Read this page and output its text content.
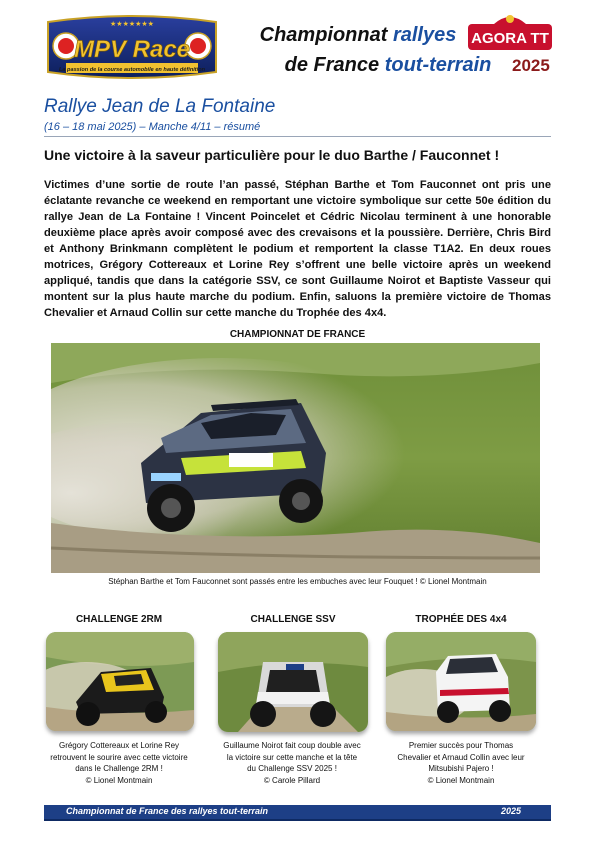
★★★★★★★
MPV Race
La passion de la course automobile en haute définition
Championnat rallyes
de France tout-terrain
AGORA TT
2025
Rallye Jean de La Fontaine
(16 – 18 mai 2025) – Manche 4/11 – résumé
Une victoire à la saveur particulière pour le duo Barthe / Fauconnet !
Victimes d’une sortie de route l’an passé, Stéphan Barthe et Tom Fauconnet ont pris une éclatante revanche ce weekend en remportant une victoire symbolique sur cette 50e édition du rallye Jean de La Fontaine ! Vincent Poincelet et Cédric Nicolau terminent à une honorable deuxième place après avoir composé avec des crevaisons et la poussière. Derrière, Chris Bird et Anthony Brinkmann complètent le podium et remportent la classe T1A2. En deux roues motrices, Grégory Cottereaux et Lorine Rey s’offrent une belle victoire après un weekend appliqué, tandis que dans la catégorie SSV, ce sont Guillaume Noirot et Baptiste Vasseur qui montent sur la plus haute marche du podium. Enfin, saluons la première victoire de Thomas Chevalier et Arnaud Collin sur cette manche du Trophée des 4x4.
CHAMPIONNAT DE FRANCE
Stéphan Barthe et Tom Fauconnet sont passés entre les embuches avec leur Fouquet ! © Lionel Montmain
CHALLENGE 2RM	CHALLENGE SSV	TROPHÉE DES 4x4
Grégory Cottereaux et Lorine Rey
retrouvent le sourire avec cette victoire
dans le Challenge 2RM !
© Lionel Montmain
Guillaume Noirot fait coup double avec
la victoire sur cette manche et la tête
du Challenge SSV 2025 !
© Carole Pillard
Premier succès pour Thomas
Chevalier et Arnaud Collin avec leur
Mitsubishi Pajero !
© Lionel Montmain
Championnat de France des rallyes tout-terrain	2025
